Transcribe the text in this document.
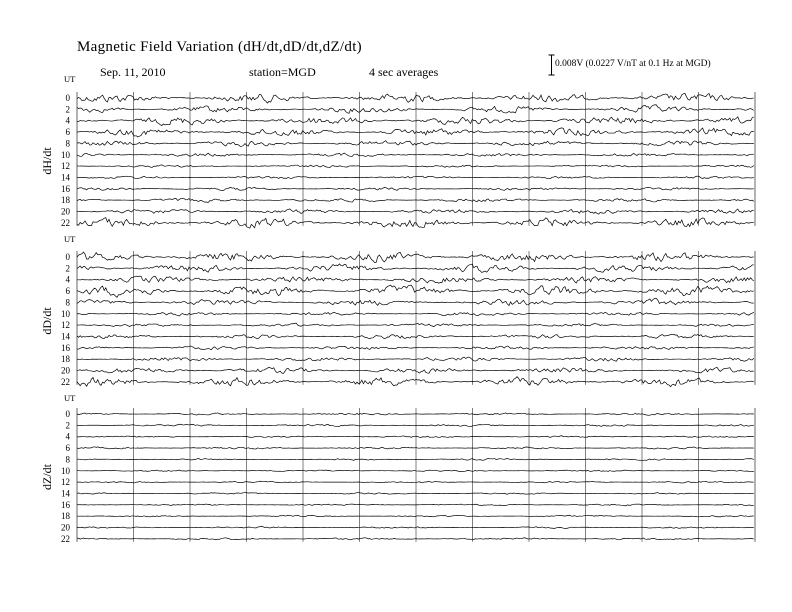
Magnetic Field Variation (dH/dt,dD/dt,dZ/dt)
Sep. 11, 2010	station=MGD	4 sec averages
0.008V (0.0227 V/nT at 0.1 Hz at MGD)
UT
dH/dt
0
2
4
6
8
10
12
14
16
18
20
22
UT
dD/dt
0
2
4
6
8
10
12
14
16
18
20
22
UT
dZ/dt
0
2
4
6
8
10
12
14
16
18
20
22
